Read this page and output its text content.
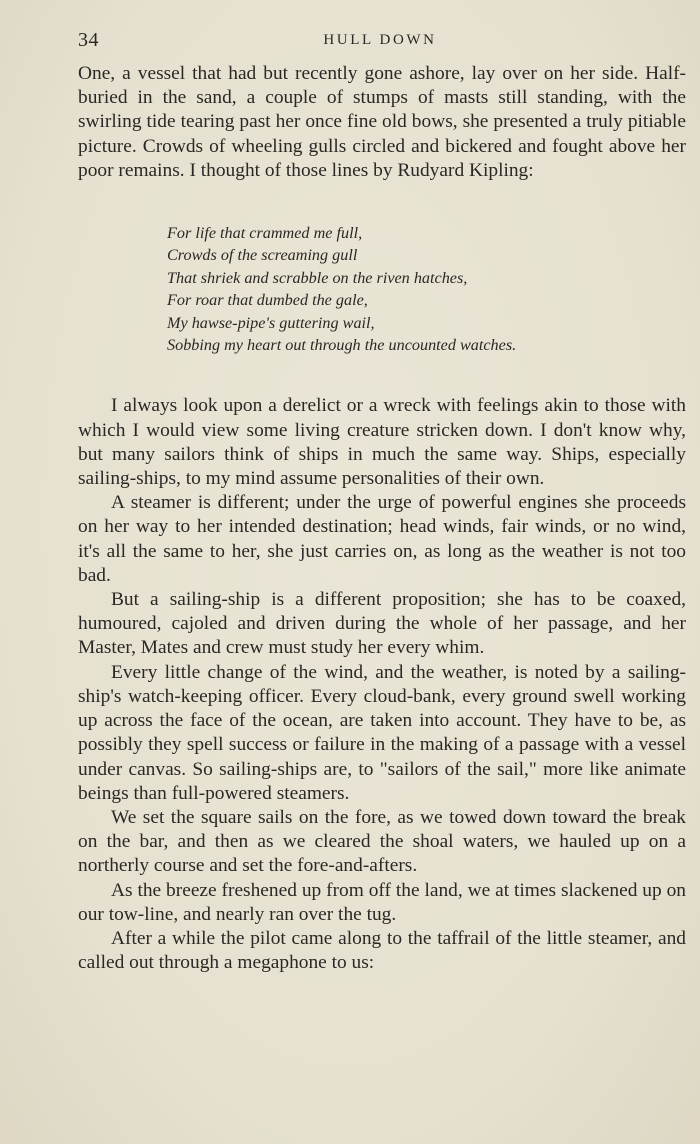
34	HULL DOWN

One, a vessel that had but recently gone ashore, lay over on her side. Half-buried in the sand, a couple of stumps of masts still standing, with the swirling tide tearing past her once fine old bows, she presented a truly pitiable picture. Crowds of wheeling gulls circled and bickered and fought above her poor remains. I thought of those lines by Rudyard Kipling:

For life that crammed me full,
Crowds of the screaming gull
That shriek and scrabble on the riven hatches,
For roar that dumbed the gale,
My hawse-pipe's guttering wail,
Sobbing my heart out through the uncounted watches.

I always look upon a derelict or a wreck with feelings akin to those with which I would view some living creature stricken down. I don't know why, but many sailors think of ships in much the same way. Ships, especially sailing-ships, to my mind assume personalities of their own.

A steamer is different; under the urge of powerful engines she proceeds on her way to her intended destination; head winds, fair winds, or no wind, it's all the same to her, she just carries on, as long as the weather is not too bad.

But a sailing-ship is a different proposition; she has to be coaxed, humoured, cajoled and driven during the whole of her passage, and her Master, Mates and crew must study her every whim.

Every little change of the wind, and the weather, is noted by a sailing-ship's watch-keeping officer. Every cloud-bank, every ground swell working up across the face of the ocean, are taken into account. They have to be, as possibly they spell success or failure in the making of a passage with a vessel under canvas. So sailing-ships are, to "sailors of the sail," more like animate beings than full-powered steamers.

We set the square sails on the fore, as we towed down toward the break on the bar, and then as we cleared the shoal waters, we hauled up on a northerly course and set the fore-and-afters.

As the breeze freshened up from off the land, we at times slackened up on our tow-line, and nearly ran over the tug.

After a while the pilot came along to the taffrail of the little steamer, and called out through a megaphone to us:
